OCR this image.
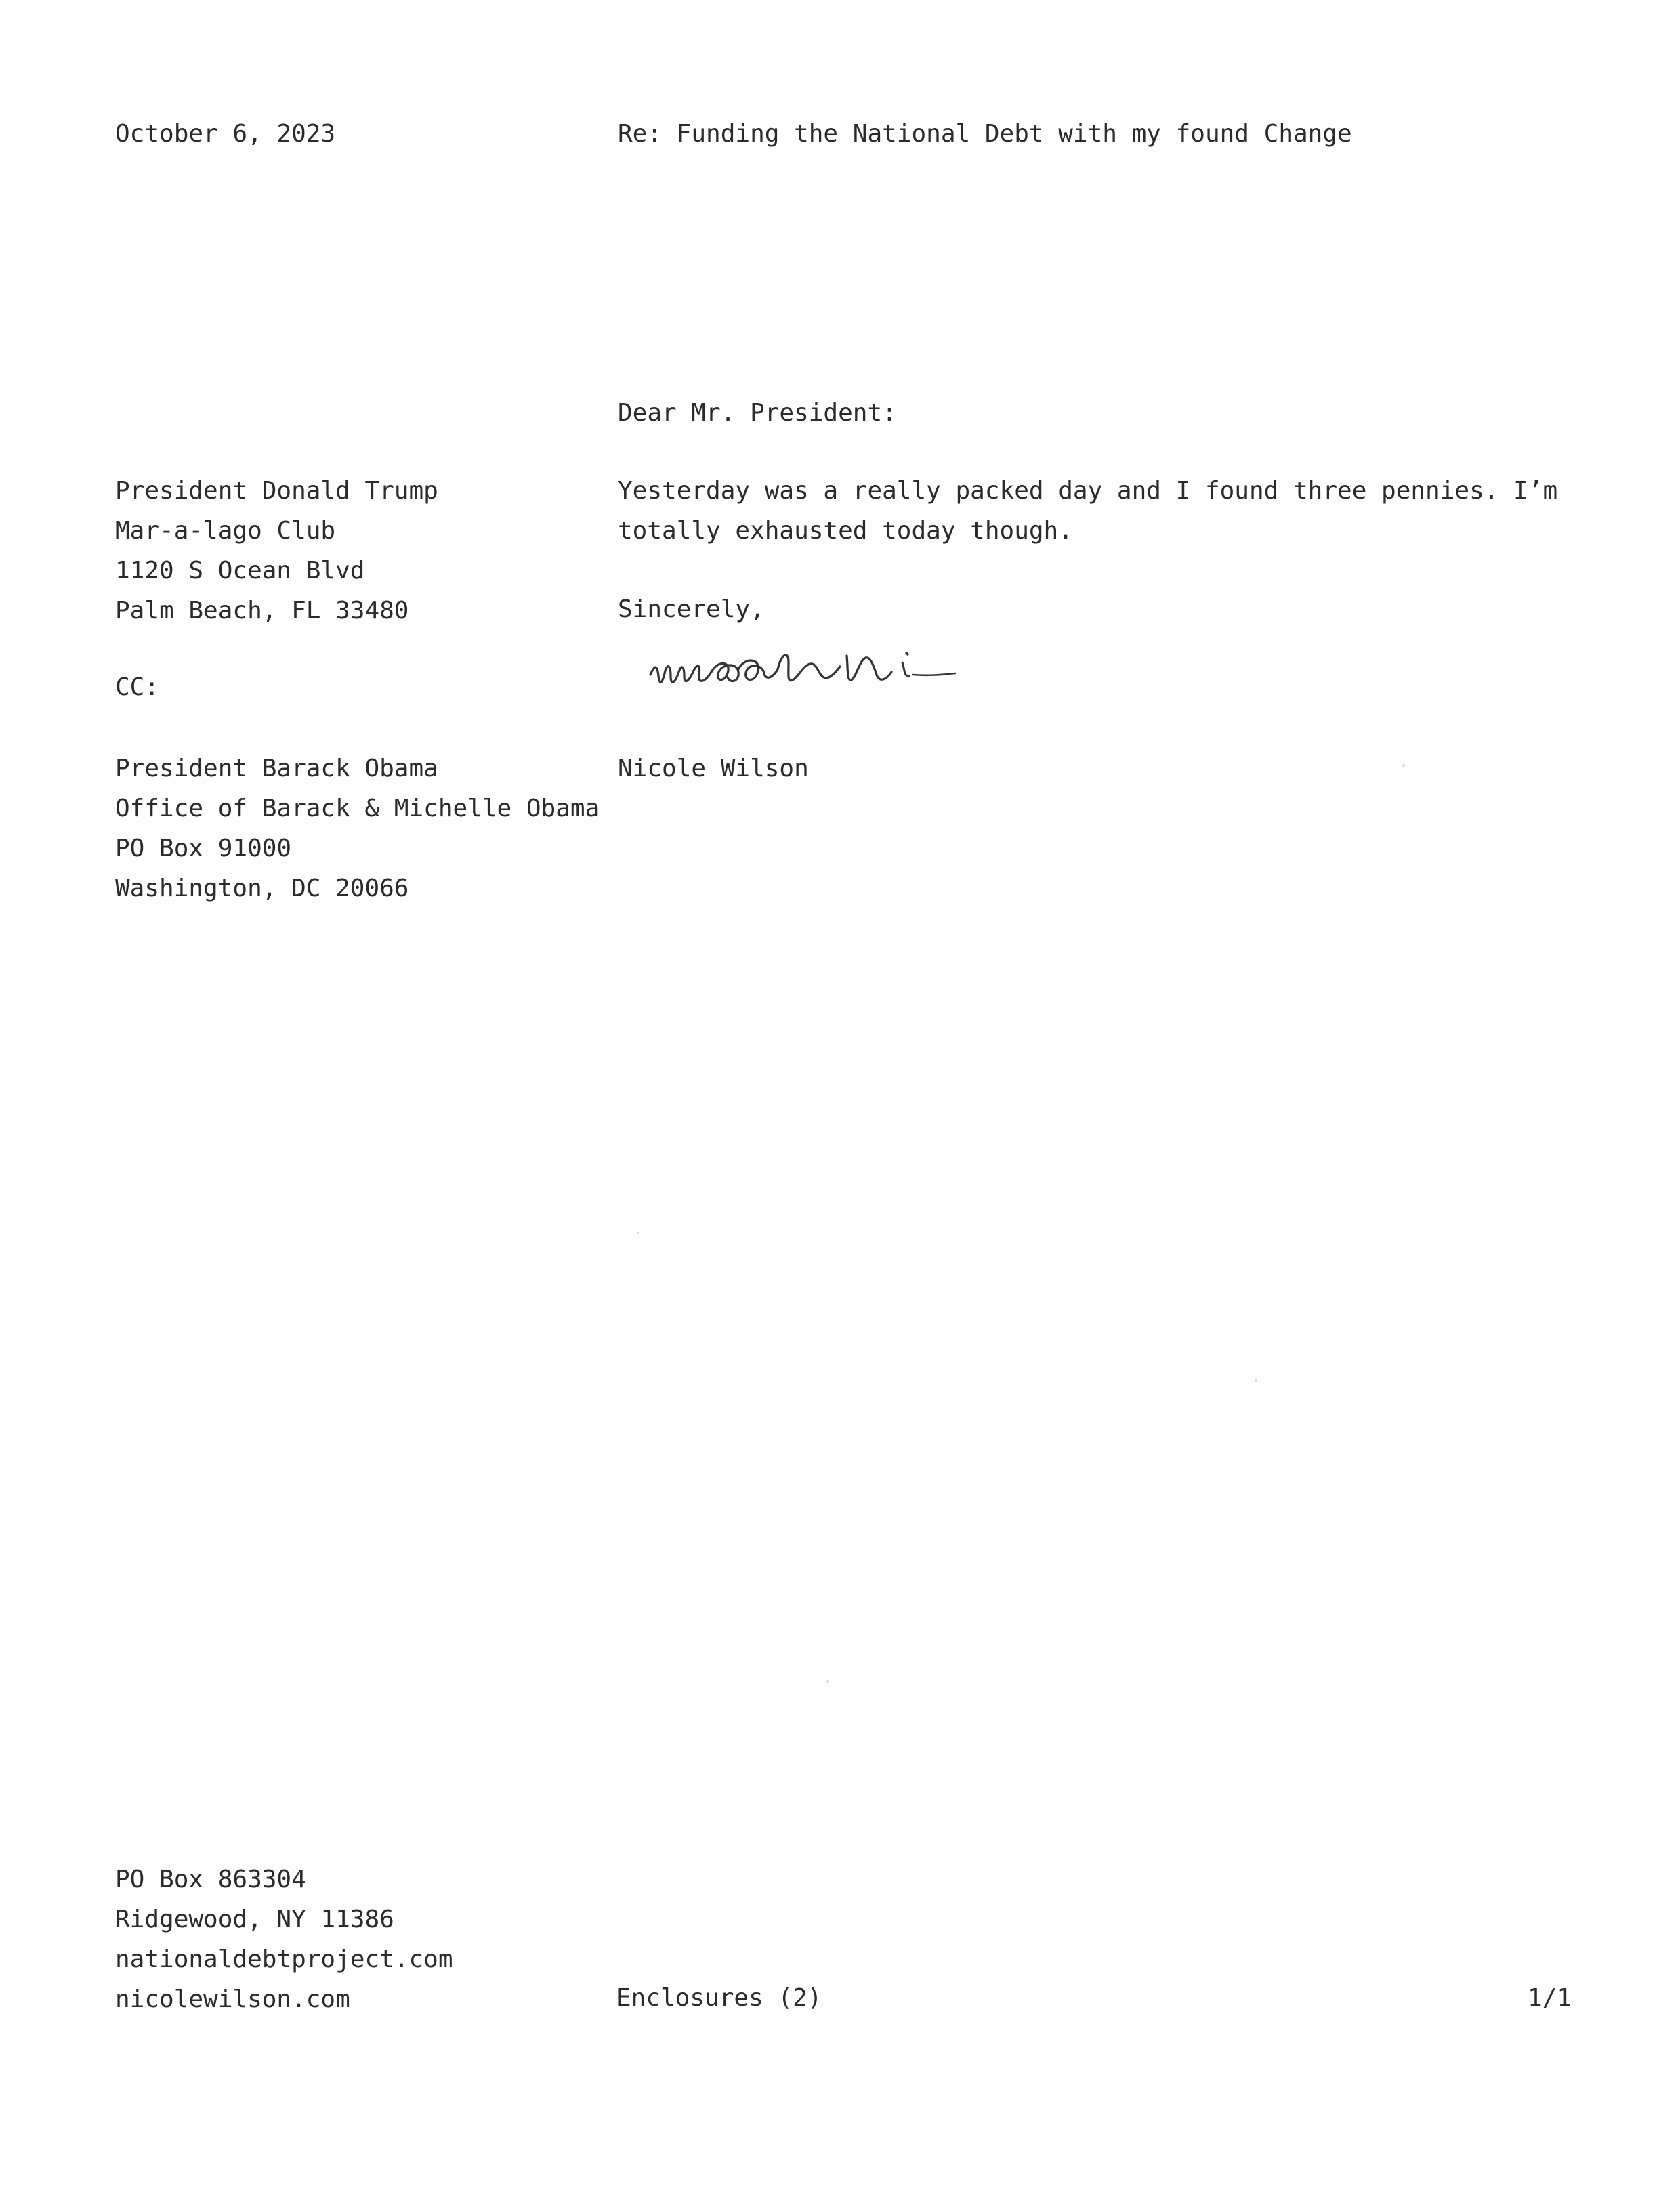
October 6, 2023	Re: Funding the National Debt with my found Change
Dear Mr. President:
Yesterday was a really packed day and I found three pennies. I’m
totally exhausted today though.
Sincerely,
Nicole Wilson
President Donald Trump
Mar-a-lago Club
1120 S Ocean Blvd
Palm Beach, FL 33480
CC:
President Barack Obama
Office of Barack & Michelle Obama
PO Box 91000
Washington, DC 20066
PO Box 863304
Ridgewood, NY 11386
nationaldebtproject.com
nicolewilson.com	Enclosures (2)	1/1
